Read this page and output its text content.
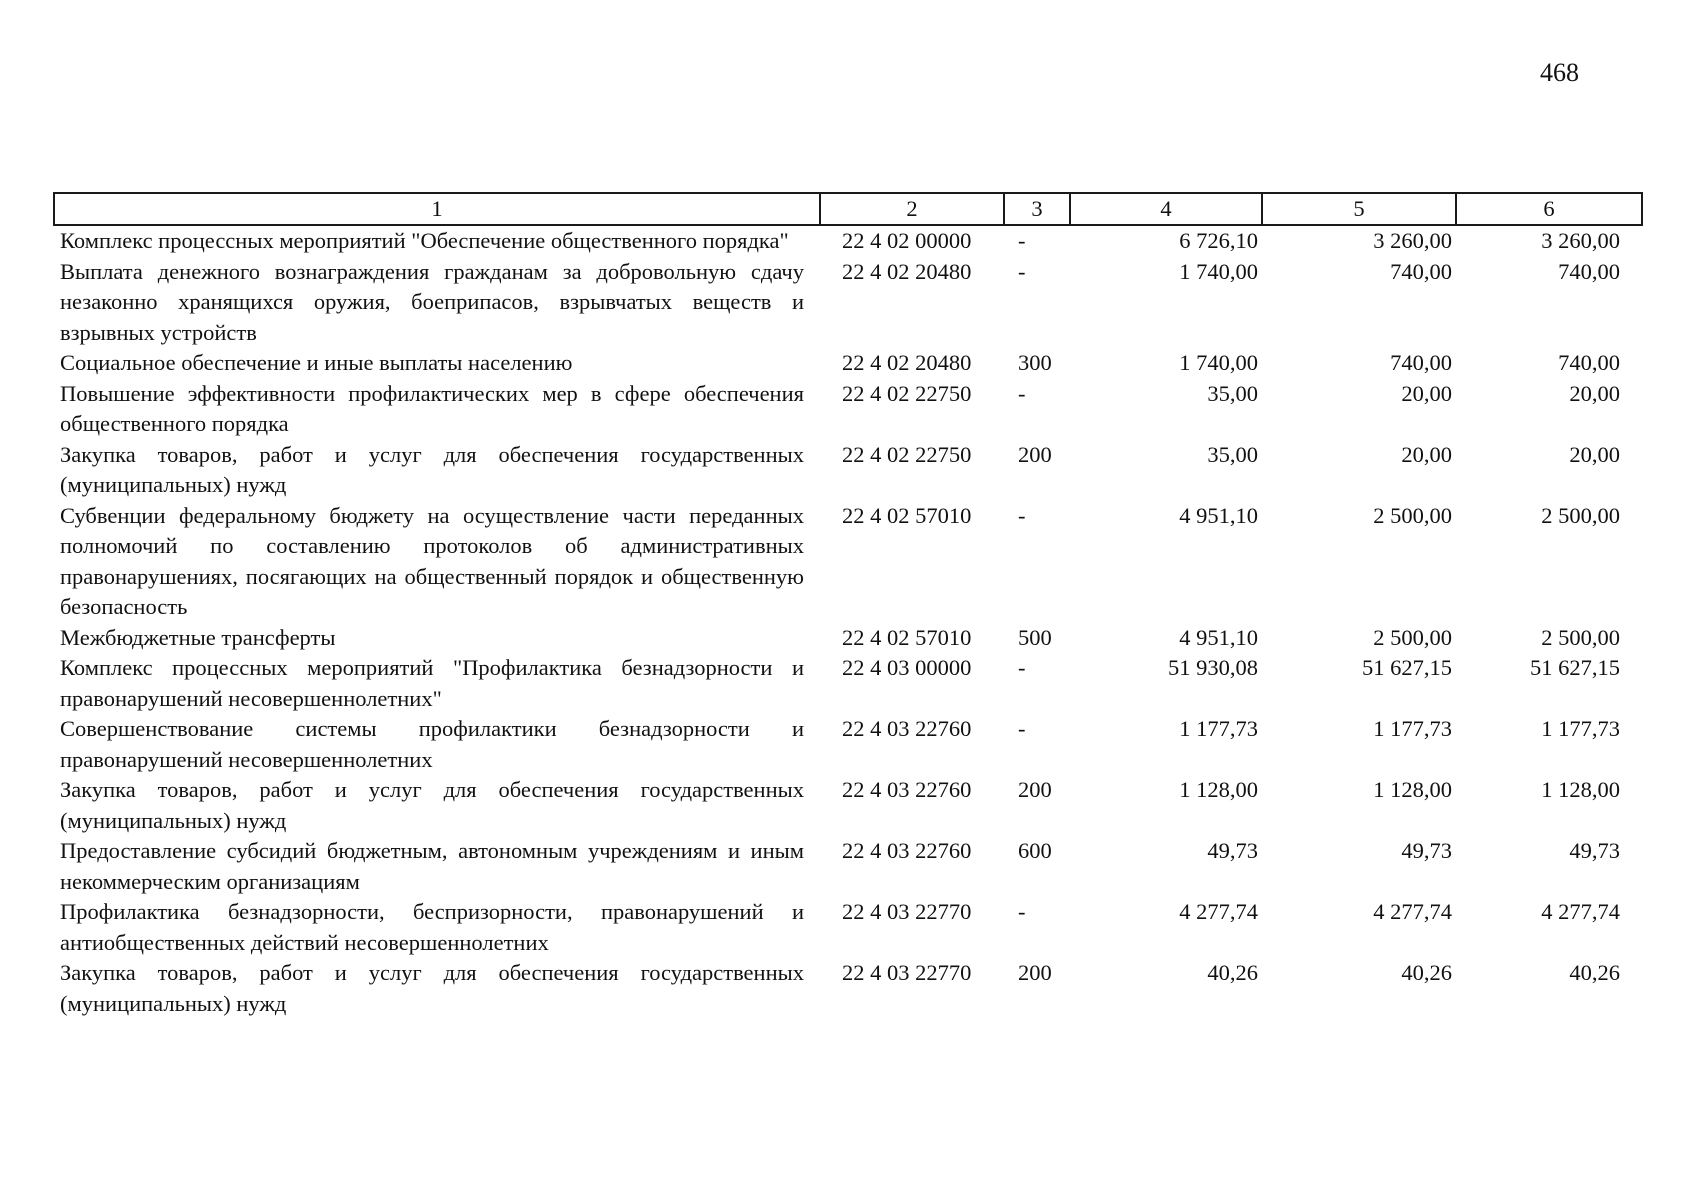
468
1	2	3	4	5	6
Комплекс процессных мероприятий "Обеспечение общественного порядка"	22 4 02 00000	-	6 726,10	3 260,00	3 260,00
Выплата денежного вознаграждения гражданам за добровольную сдачу незаконно хранящихся оружия, боеприпасов, взрывчатых веществ и взрывных устройств	22 4 02 20480	-	1 740,00	740,00	740,00
Социальное обеспечение и иные выплаты населению	22 4 02 20480	300	1 740,00	740,00	740,00
Повышение эффективности профилактических мер в сфере обеспечения общественного порядка	22 4 02 22750	-	35,00	20,00	20,00
Закупка товаров, работ и услуг для обеспечения государственных (муниципальных) нужд	22 4 02 22750	200	35,00	20,00	20,00
Субвенции федеральному бюджету на осуществление части переданных полномочий по составлению протоколов об административных правонарушениях, посягающих на общественный порядок и общественную безопасность	22 4 02 57010	-	4 951,10	2 500,00	2 500,00
Межбюджетные трансферты	22 4 02 57010	500	4 951,10	2 500,00	2 500,00
Комплекс процессных мероприятий "Профилактика безнадзорности и правонарушений несовершеннолетних"	22 4 03 00000	-	51 930,08	51 627,15	51 627,15
Совершенствование системы профилактики безнадзорности и правонарушений несовершеннолетних	22 4 03 22760	-	1 177,73	1 177,73	1 177,73
Закупка товаров, работ и услуг для обеспечения государственных (муниципальных) нужд	22 4 03 22760	200	1 128,00	1 128,00	1 128,00
Предоставление субсидий бюджетным, автономным учреждениям и иным некоммерческим организациям	22 4 03 22760	600	49,73	49,73	49,73
Профилактика безнадзорности, беспризорности, правонарушений и антиобщественных действий несовершеннолетних	22 4 03 22770	-	4 277,74	4 277,74	4 277,74
Закупка товаров, работ и услуг для обеспечения государственных (муниципальных) нужд	22 4 03 22770	200	40,26	40,26	40,26
